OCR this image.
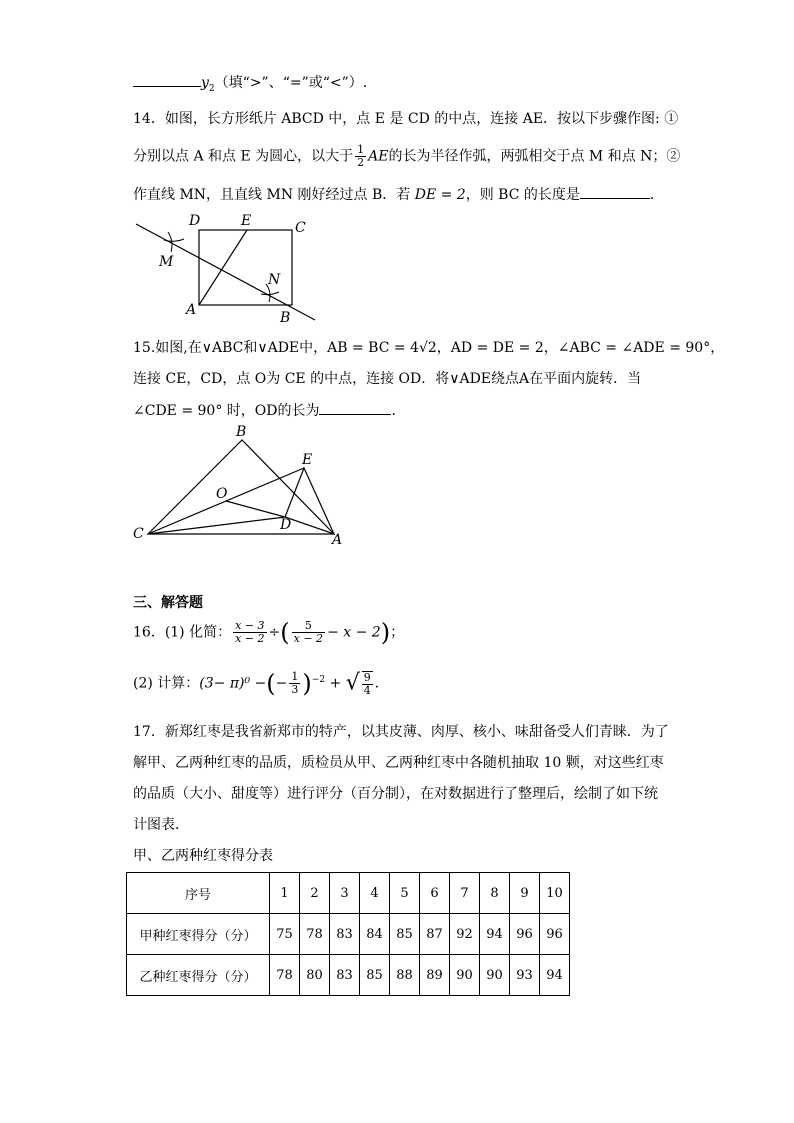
$y_2$（填“>”、“=”或“<”）.
14．如图，长方形纸片 ABCD 中，点 E 是 CD 的中点，连接 AE．按以下步骤作图: ①
分别以点 A 和点 E 为圆心，以大于 $\frac{1}{2}$ AE的长为半径作弧，两弧相交于点 M 和点 N；②
作直线 MN，且直线 MN 刚好经过点 B．若 DE = 2，则 BC 的长度是	．
D	E	C
M
N
A	B
15.如图,在∨ABC和∨ADE中，AB = BC = 4√2，AD = DE = 2，∠ABC = ∠ADE = 90°，
连接 CE，CD，点 O为 CE 的中点，连接 OD．将∨ADE绕点A在平面内旋转．当
∠CDE = 90° 时，OD的长为	．
B
E
O
D
C	A
三、解答题
16．(1) 化简： $\frac{x - 3}{x - 2}$ ÷( $\frac{5}{x - 2} - x - 2$)；
(2) 计算：(3− π)⁰ −(− $\frac{1}{3} )^{-2}$ + √ $\frac{9}{4}$ ．
17．新郑红枣是我省新郑市的特产，以其皮薄、肉厚、核小、味甜备受人们青睐．为了
解甲、乙两种红枣的品质，质检员从甲、乙两种红枣中各随机抽取 10 颗，对这些红枣
的品质（大小、甜度等）进行评分（百分制），在对数据进行了整理后，绘制了如下统
计图表．
甲、乙两种红枣得分表
序号	1	2	3	4	5	6	7	8	9	10
甲种红枣得分（分）	75	78	83	84	85	87	92	94	96	96
乙种红枣得分（分）	78	80	83	85	88	89	90	90	93	94
